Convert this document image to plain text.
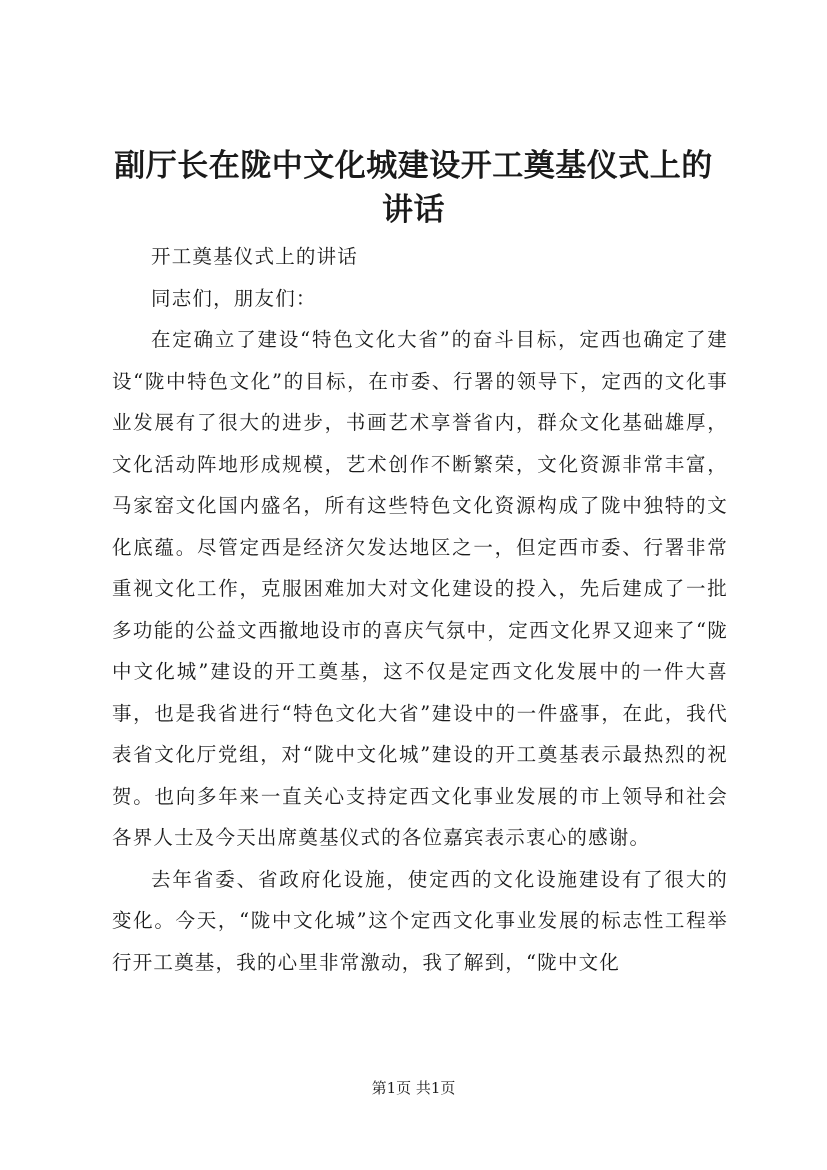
副厅长在陇中文化城建设开工奠基仪式上的讲话

开工奠基仪式上的讲话

同志们，朋友们：

在定确立了建设“特色文化大省”的奋斗目标，定西也确定了建设“陇中特色文化”的目标，在市委、行署的领导下，定西的文化事业发展有了很大的进步，书画艺术享誉省内，群众文化基础雄厚，文化活动阵地形成规模，艺术创作不断繁荣，文化资源非常丰富，马家窑文化国内盛名，所有这些特色文化资源构成了陇中独特的文化底蕴。尽管定西是经济欠发达地区之一，但定西市委、行署非常重视文化工作，克服困难加大对文化建设的投入，先后建成了一批多功能的公益文西撤地设市的喜庆气氛中，定西文化界又迎来了“陇中文化城”建设的开工奠基，这不仅是定西文化发展中的一件大喜事，也是我省进行“特色文化大省”建设中的一件盛事，在此，我代表省文化厅党组，对“陇中文化城”建设的开工奠基表示最热烈的祝贺。也向多年来一直关心支持定西文化事业发展的市上领导和社会各界人士及今天出席奠基仪式的各位嘉宾表示衷心的感谢。

去年省委、省政府化设施，使定西的文化设施建设有了很大的变化。今天，“陇中文化城”这个定西文化事业发展的标志性工程举行开工奠基，我的心里非常激动，我了解到，“陇中文化

第1页 共1页
